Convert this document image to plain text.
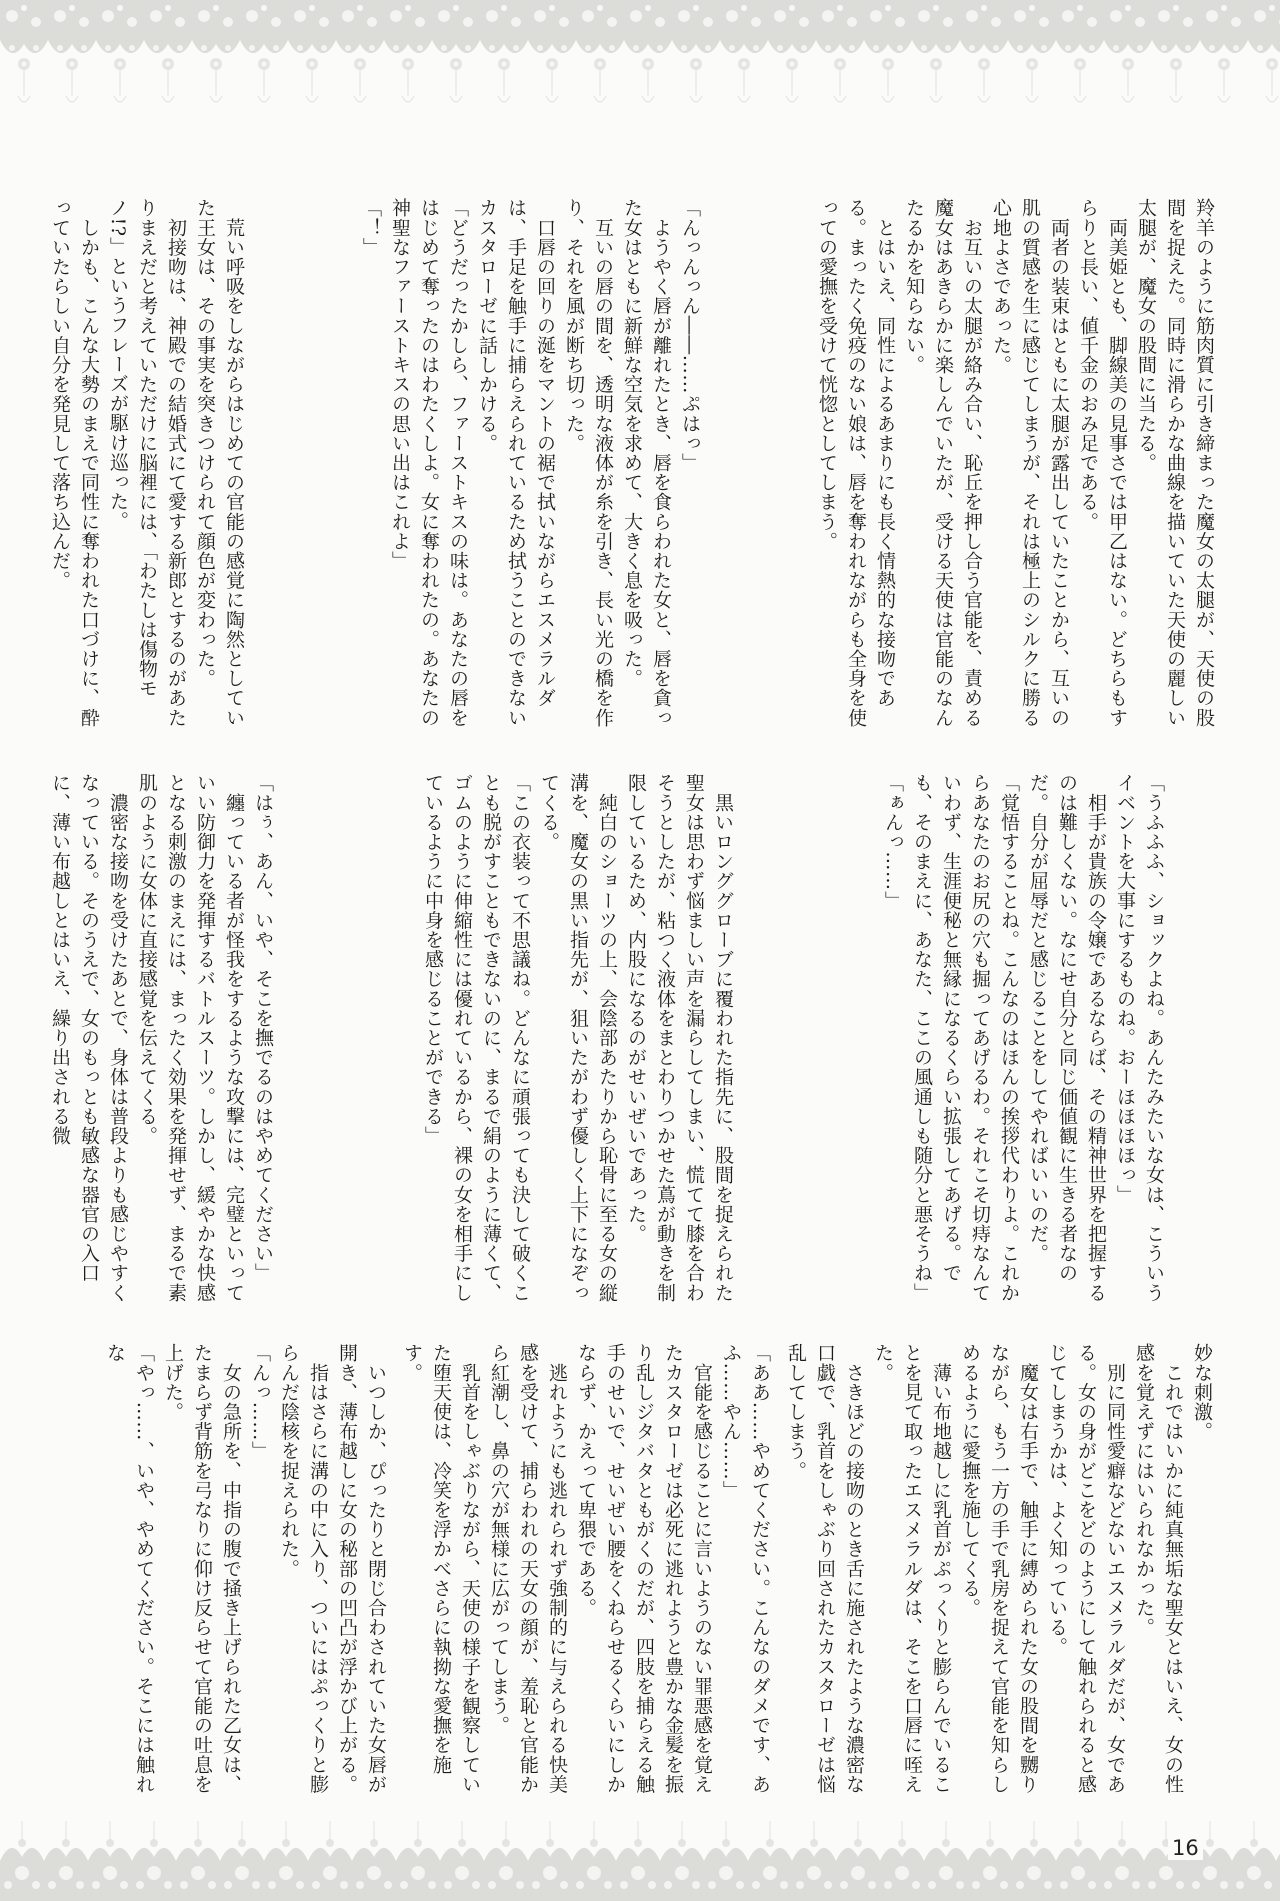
羚羊のように筋肉質に引き締まった魔女の太腿が、天使の股間を捉えた。同時に滑らかな曲線を描いていた天使の麗しい太腿が、魔女の股間に当たる。
　両美姫とも、脚線美の見事さでは甲乙はない。どちらもすらりと長い、値千金のおみ足である。
　両者の装束はともに太腿が露出していたことから、互いの肌の質感を生に感じてしまうが、それは極上のシルクに勝る心地よさであった。
　お互いの太腿が絡み合い、恥丘を押し合う官能を、責める魔女はあきらかに楽しんでいたが、受ける天使は官能のなんたるかを知らない。
　とはいえ、同性によるあまりにも長く情熱的な接吻である。まったく免疫のない娘は、唇を奪われながらも全身を使っての愛撫を受けて恍惚としてしまう。
「んっんっん――……ぷはっ」
　ようやく唇が離れたとき、唇を食らわれた女と、唇を貪った女はともに新鮮な空気を求めて、大きく息を吸った。
　互いの唇の間を、透明な液体が糸を引き、長い光の橋を作り、それを風が断ち切った。
　口唇の回りの涎をマントの裾で拭いながらエスメラルダは、手足を触手に捕らえられているため拭うことのできないカスタローゼに話しかける。
「どうだったかしら、ファーストキスの味は。あなたの唇をはじめて奪ったのはわたくしよ。女に奪われたの。あなたの神聖なファーストキスの思い出はこれよ」
「！」
　荒い呼吸をしながらはじめての官能の感覚に陶然としていた王女は、その事実を突きつけられて顔色が変わった。
　初接吻は、神殿での結婚式にて愛する新郎とするのがあたりまえだと考えていただけに脳裡には、「わたしは傷物モノ!?」というフレーズが駆け巡った。
　しかも、こんな大勢のまえで同性に奪われた口づけに、酔っていたらしい自分を発見して落ち込んだ。
「うふふふ、ショックよね。あんたみたいな女は、こういうイベントを大事にするものね。おーほほほほっ」
　相手が貴族の令嬢であるならば、その精神世界を把握するのは難しくない。なにせ自分と同じ価値観に生きる者なのだ。自分が屈辱だと感じることをしてやればいいのだ。
「覚悟することね。こんなのはほんの挨拶代わりよ。これからあなたのお尻の穴も掘ってあげるわ。それこそ切痔なんていわず、生涯便秘と無縁になるくらい拡張してあげる。でも、そのまえに、あなた、ここの風通しも随分と悪そうね」
「ぁんっ……」
　黒いロンググローブに覆われた指先に、股間を捉えられた聖女は思わず悩ましい声を漏らしてしまい、慌てて膝を合わそうとしたが、粘つく液体をまとわりつかせた蔦が動きを制限しているため、内股になるのがせいぜいであった。
　純白のショーツの上、会陰部あたりから恥骨に至る女の縦溝を、魔女の黒い指先が、狙いたがわず優しく上下になぞってくる。
「この衣装って不思議ね。どんなに頑張っても決して破くことも脱がすこともできないのに、まるで絹のように薄くて、ゴムのように伸縮性には優れているから、裸の女を相手にしているように中身を感じることができる」
「はぅ、あん、いや、そこを撫でるのはやめてください」
　纏っている者が怪我をするような攻撃には、完璧といっていい防御力を発揮するバトルスーツ。しかし、緩やかな快感となる刺激のまえには、まったく効果を発揮せず、まるで素肌のように女体に直接感覚を伝えてくる。
　濃密な接吻を受けたあとで、身体は普段よりも感じやすくなっている。そのうえで、女のもっとも敏感な器官の入口に、薄い布越しとはいえ、繰り出される微
妙な刺激。
　これではいかに純真無垢な聖女とはいえ、女の性感を覚えずにはいられなかった。
　別に同性愛癖などないエスメラルダだが、女である。女の身がどこをどのようにして触れられると感じてしまうかは、よく知っている。
　魔女は右手で、触手に縛められた女の股間を嬲りながら、もう一方の手で乳房を捉えて官能を知らしめるように愛撫を施してくる。
　薄い布地越しに乳首がぷっくりと膨らんでいることを見て取ったエスメラルダは、そこを口唇に咥えた。
　さきほどの接吻のとき舌に施されたような濃密な口戯で、乳首をしゃぶり回されたカスタローゼは悩乱してしまう。
「ああ……やめてください。こんなのダメです、あふ……やん……」
　官能を感じることに言いようのない罪悪感を覚えたカスタローゼは必死に逃れようと豊かな金髪を振り乱しジタバタともがくのだが、四肢を捕らえる触手のせいで、せいぜい腰をくねらせるくらいにしかならず、かえって卑猥である。
　逃れようにも逃れられず強制的に与えられる快美感を受けて、捕らわれの天女の顔が、羞恥と官能から紅潮し、鼻の穴が無様に広がってしまう。
　乳首をしゃぶりながら、天使の様子を観察していた堕天使は、冷笑を浮かべさらに執拗な愛撫を施す。
　いつしか、ぴったりと閉じ合わされていた女唇が開き、薄布越しに女の秘部の凹凸が浮かび上がる。
　指はさらに溝の中に入り、ついにはぷっくりと膨らんだ陰核を捉えられた。
「んっ……」
　女の急所を、中指の腹で掻き上げられた乙女は、たまらず背筋を弓なりに仰け反らせて官能の吐息を上げた。
「やっ……、いや、やめてください。そこには触れな
16
